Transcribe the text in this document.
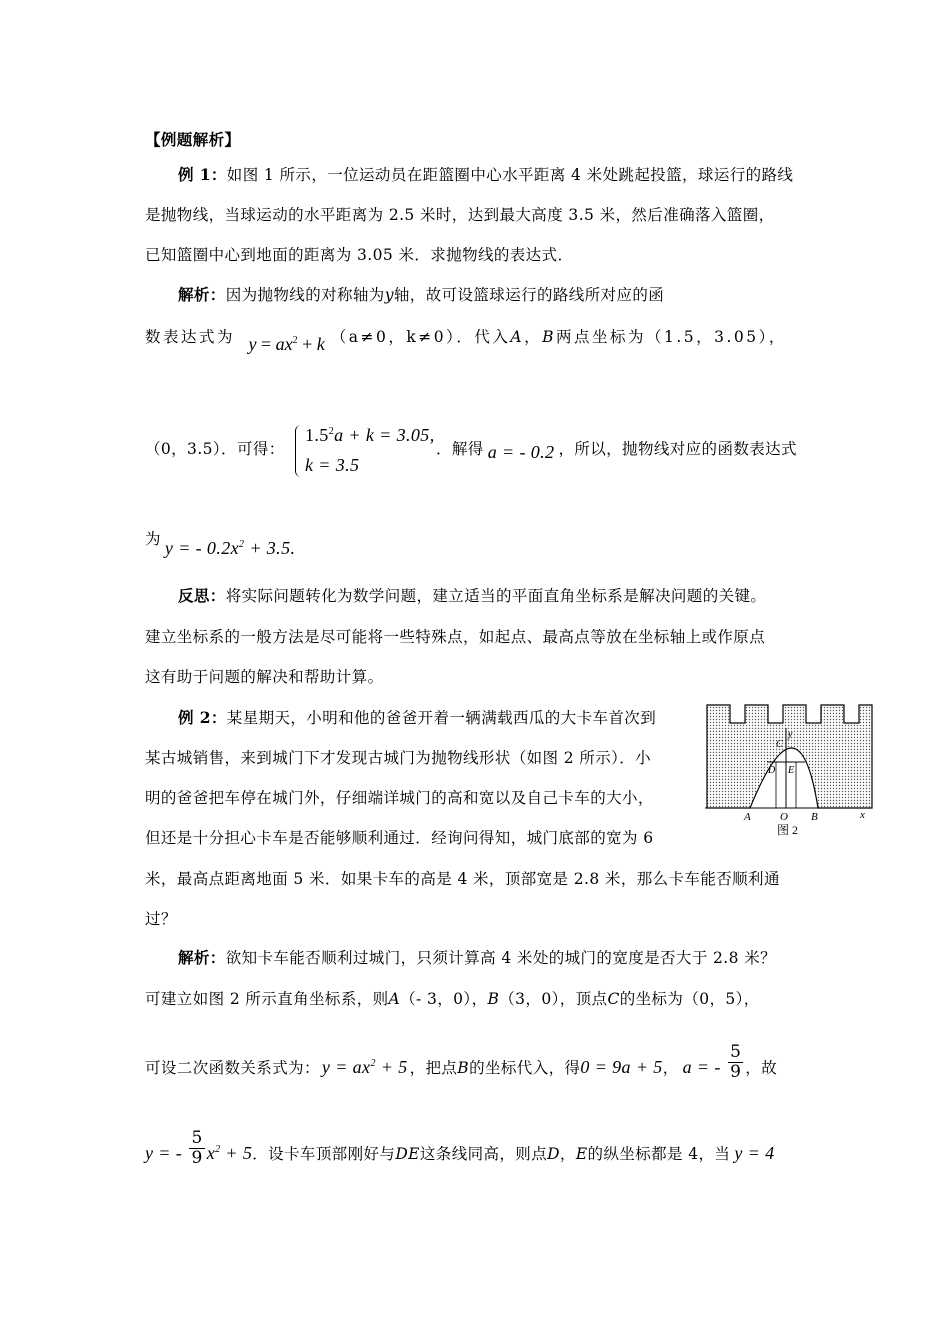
【例题解析】
例 1：如图 1 所示，一位运动员在距篮圈中心水平距离 4 米处跳起投篮，球运行的路线
是抛物线，当球运动的水平距离为 2.5 米时，达到最大高度 3.5 米，然后准确落入篮圈，
已知篮圈中心到地面的距离为 3.05 米．求抛物线的表达式．
解析：因为抛物线的对称轴为y轴，故可设篮球运行的路线所对应的函
数表达式为 $y = ax^2 + k$ （a≠0，k≠0）．代入A，B两点坐标为（1.5，3.05），
（0，3.5）．可得：
$1.5^2a + k = 3.05$,
k = 3.5
．解得 a = - 0.2 ，所以，抛物线对应的函数表达式
为 y = - $0.2x^2 + 3.5$.
反思：将实际问题转化为数学问题，建立适当的平面直角坐标系是解决问题的关键。
建立坐标系的一般方法是尽可能将一些特殊点，如起点、最高点等放在坐标轴上或作原点
这有助于问题的解决和帮助计算。
例 2：某星期天，小明和他的爸爸开着一辆满载西瓜的大卡车首次到
某古城销售，来到城门下才发现古城门为抛物线形状（如图 2 所示）．小
明的爸爸把车停在城门外，仔细端详城门的高和宽以及自己卡车的大小，
但还是十分担心卡车是否能够顺利通过．经询问得知，城门底部的宽为 6
米，最高点距离地面 5 米．如果卡车的高是 4 米，顶部宽是 2.8 米，那么卡车能否顺利通
过？
A	O B	x
y
C
D E
图 2
解析：欲知卡车能否顺利过城门，只须计算高 4 米处的城门的宽度是否大于 2.8 米？
可建立如图 2 所示直角坐标系，则A（- 3，0），B（3，0），顶点C的坐标为（0，5），
可设二次函数关系式为： $y = ax^2 + 5$ ，把点B的坐标代入，得0 = 9a + 5， a = - $\frac{5}{9}$ ，故
y = - $\frac{5}{9} x^2 + 5$．设卡车顶部刚好与DE这条线同高，则点D，E的纵坐标都是 4，当 y = 4
